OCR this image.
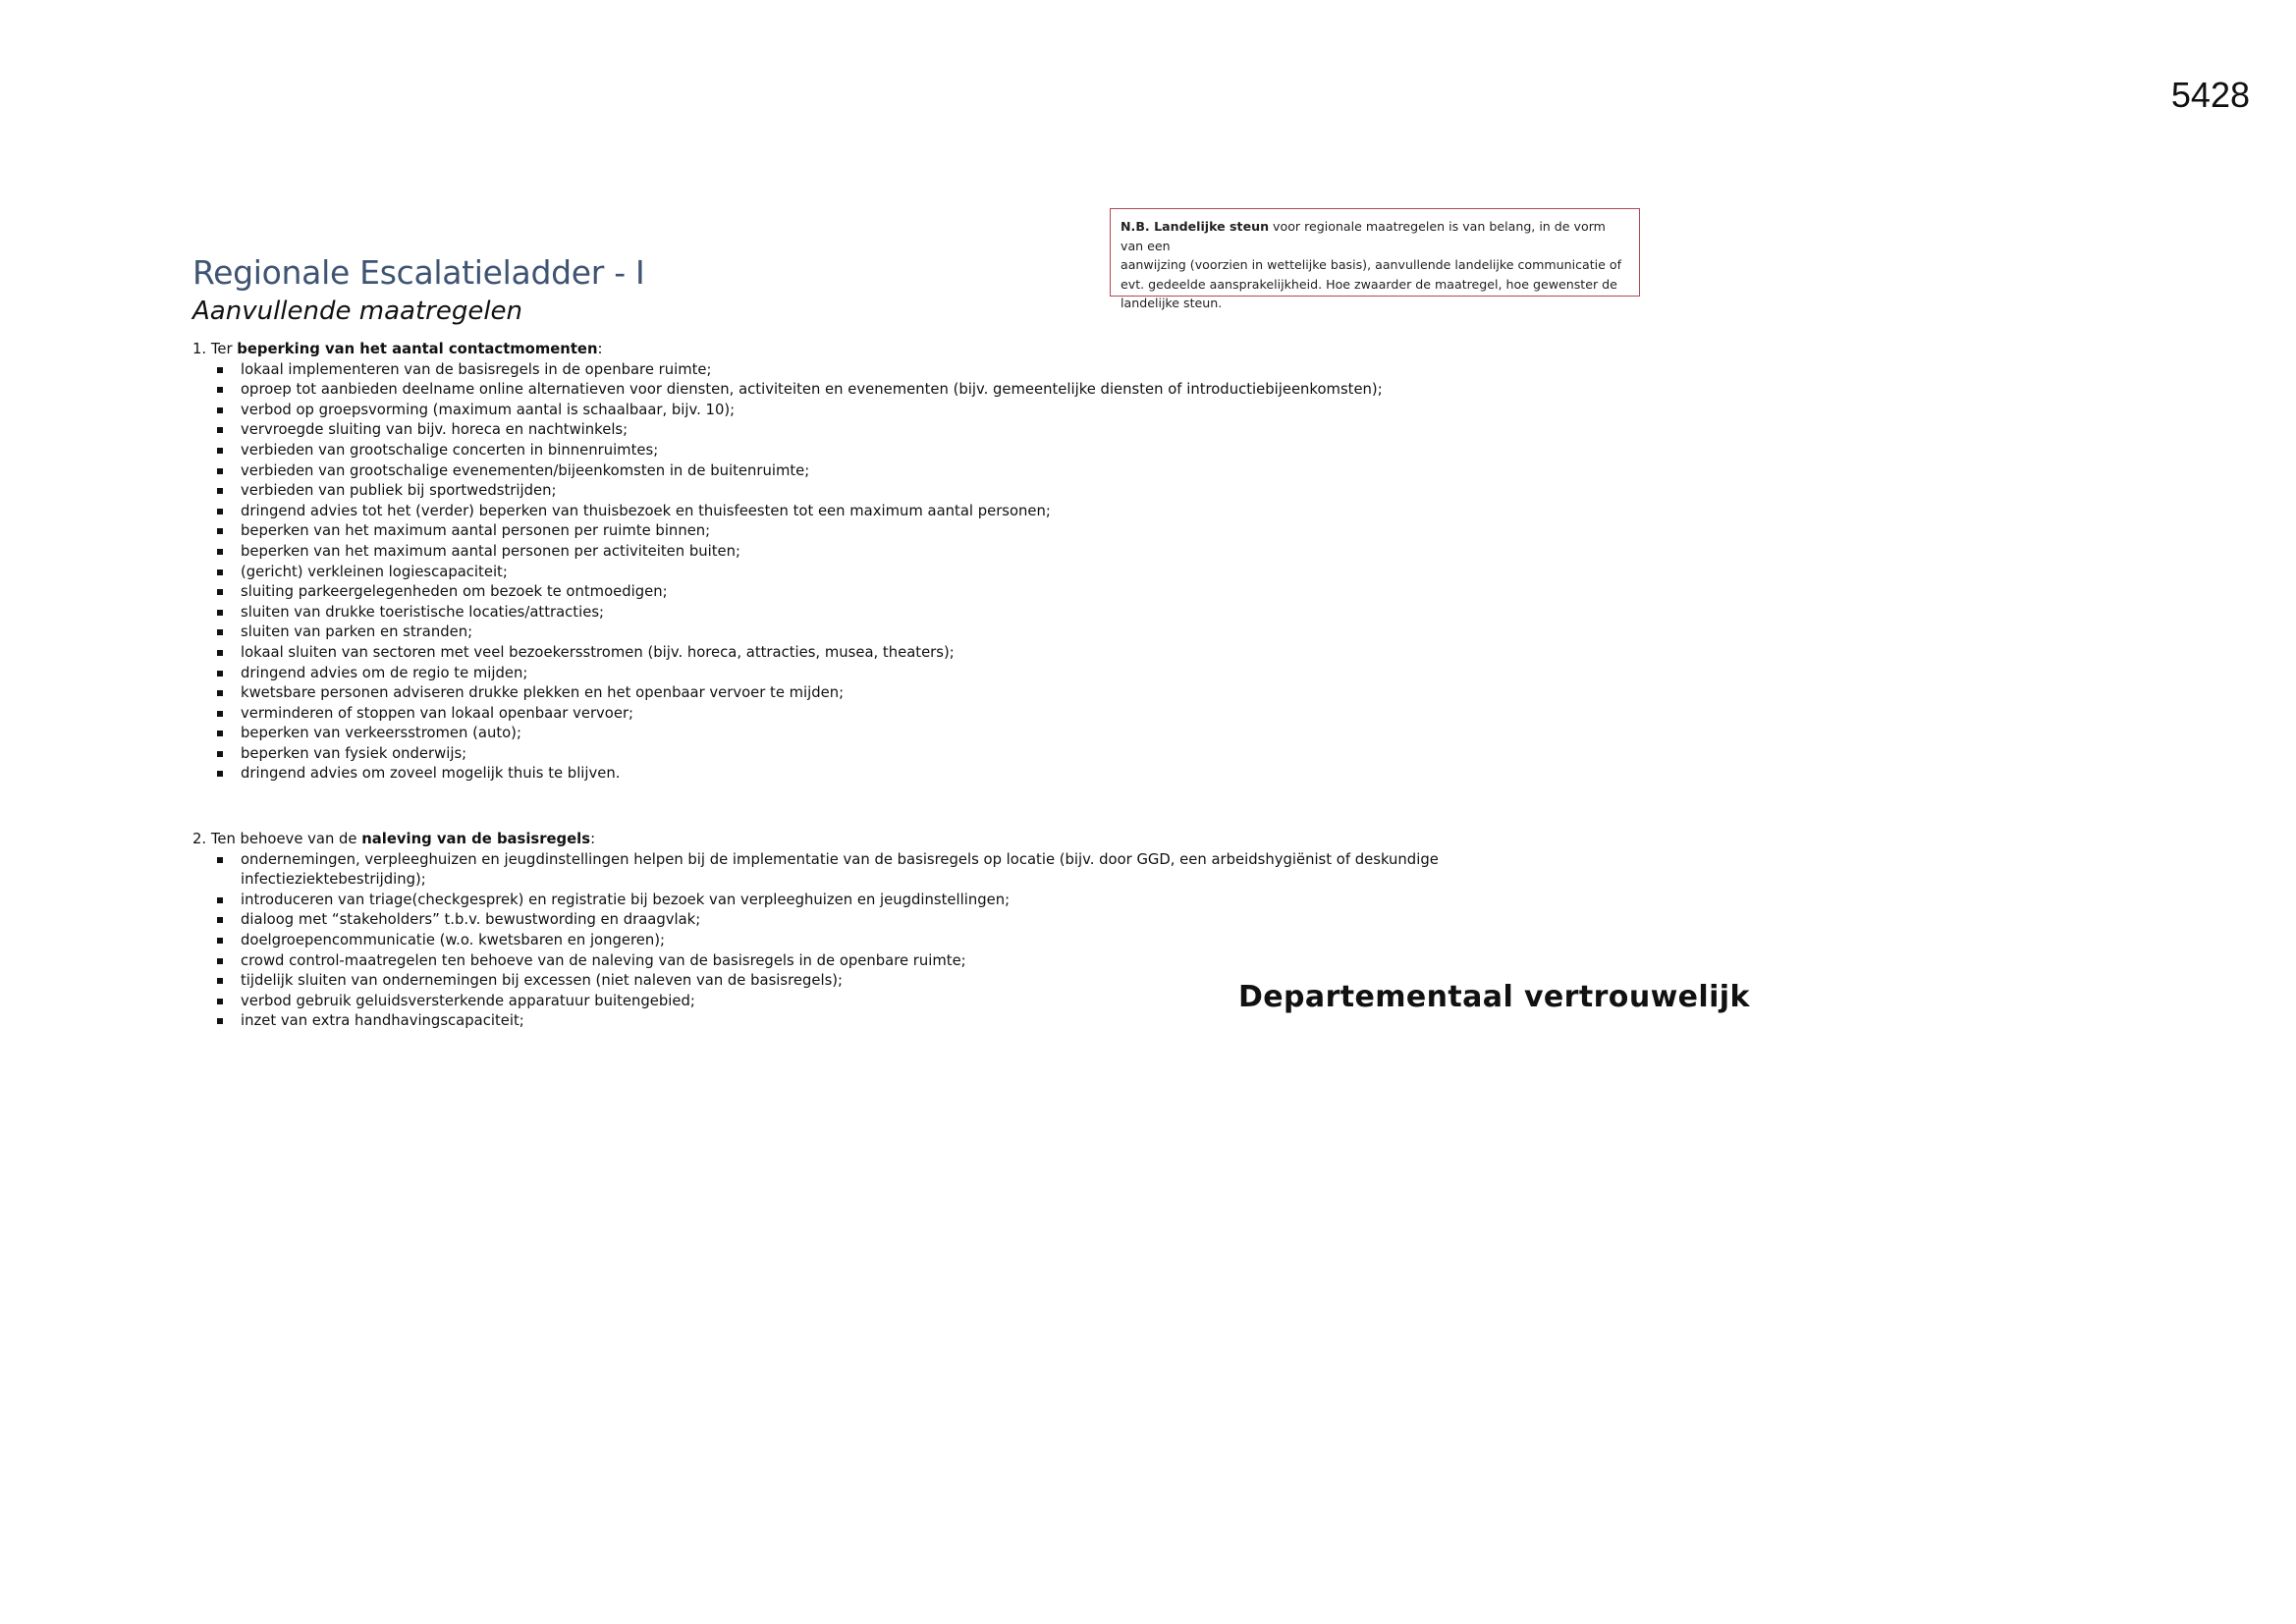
5428
N.B. Landelijke steun voor regionale maatregelen is van belang, in de vorm van een
aanwijzing (voorzien in wettelijke basis), aanvullende landelijke communicatie of
evt. gedeelde aansprakelijkheid. Hoe zwaarder de maatregel, hoe gewenster de
landelijke steun.
Regionale Escalatieladder - I
Aanvullende maatregelen
1. Ter beperking van het aantal contactmomenten:
lokaal implementeren van de basisregels in de openbare ruimte;
oproep tot aanbieden deelname online alternatieven voor diensten, activiteiten en evenementen (bijv. gemeentelijke diensten of introductiebijeenkomsten);
verbod op groepsvorming (maximum aantal is schaalbaar, bijv. 10);
vervroegde sluiting van bijv. horeca en nachtwinkels;
verbieden van grootschalige concerten in binnenruimtes;
verbieden van grootschalige evenementen/bijeenkomsten in de buitenruimte;
verbieden van publiek bij sportwedstrijden;
dringend advies tot het (verder) beperken van thuisbezoek en thuisfeesten tot een maximum aantal personen;
beperken van het maximum aantal personen per ruimte binnen;
beperken van het maximum aantal personen per activiteiten buiten;
(gericht) verkleinen logiescapaciteit;
sluiting parkeergelegenheden om bezoek te ontmoedigen;
sluiten van drukke toeristische locaties/attracties;
sluiten van parken en stranden;
lokaal sluiten van sectoren met veel bezoekersstromen (bijv. horeca, attracties, musea, theaters);
dringend advies om de regio te mijden;
kwetsbare personen adviseren drukke plekken en het openbaar vervoer te mijden;
verminderen of stoppen van lokaal openbaar vervoer;
beperken van verkeersstromen (auto);
beperken van fysiek onderwijs;
dringend advies om zoveel mogelijk thuis te blijven.
2. Ten behoeve van de naleving van de basisregels:
ondernemingen, verpleeghuizen en jeugdinstellingen helpen bij de implementatie van de basisregels op locatie (bijv. door GGD, een arbeidshygiënist of deskundige
infectieziektebestrijding);
introduceren van triage(checkgesprek) en registratie bij bezoek van verpleeghuizen en jeugdinstellingen;
dialoog met “stakeholders” t.b.v. bewustwording en draagvlak;
doelgroepencommunicatie (w.o. kwetsbaren en jongeren);
crowd control-maatregelen ten behoeve van de naleving van de basisregels in de openbare ruimte;
tijdelijk sluiten van ondernemingen bij excessen (niet naleven van de basisregels);
verbod gebruik geluidsversterkende apparatuur buitengebied;
inzet van extra handhavingscapaciteit;
Departementaal vertrouwelijk
